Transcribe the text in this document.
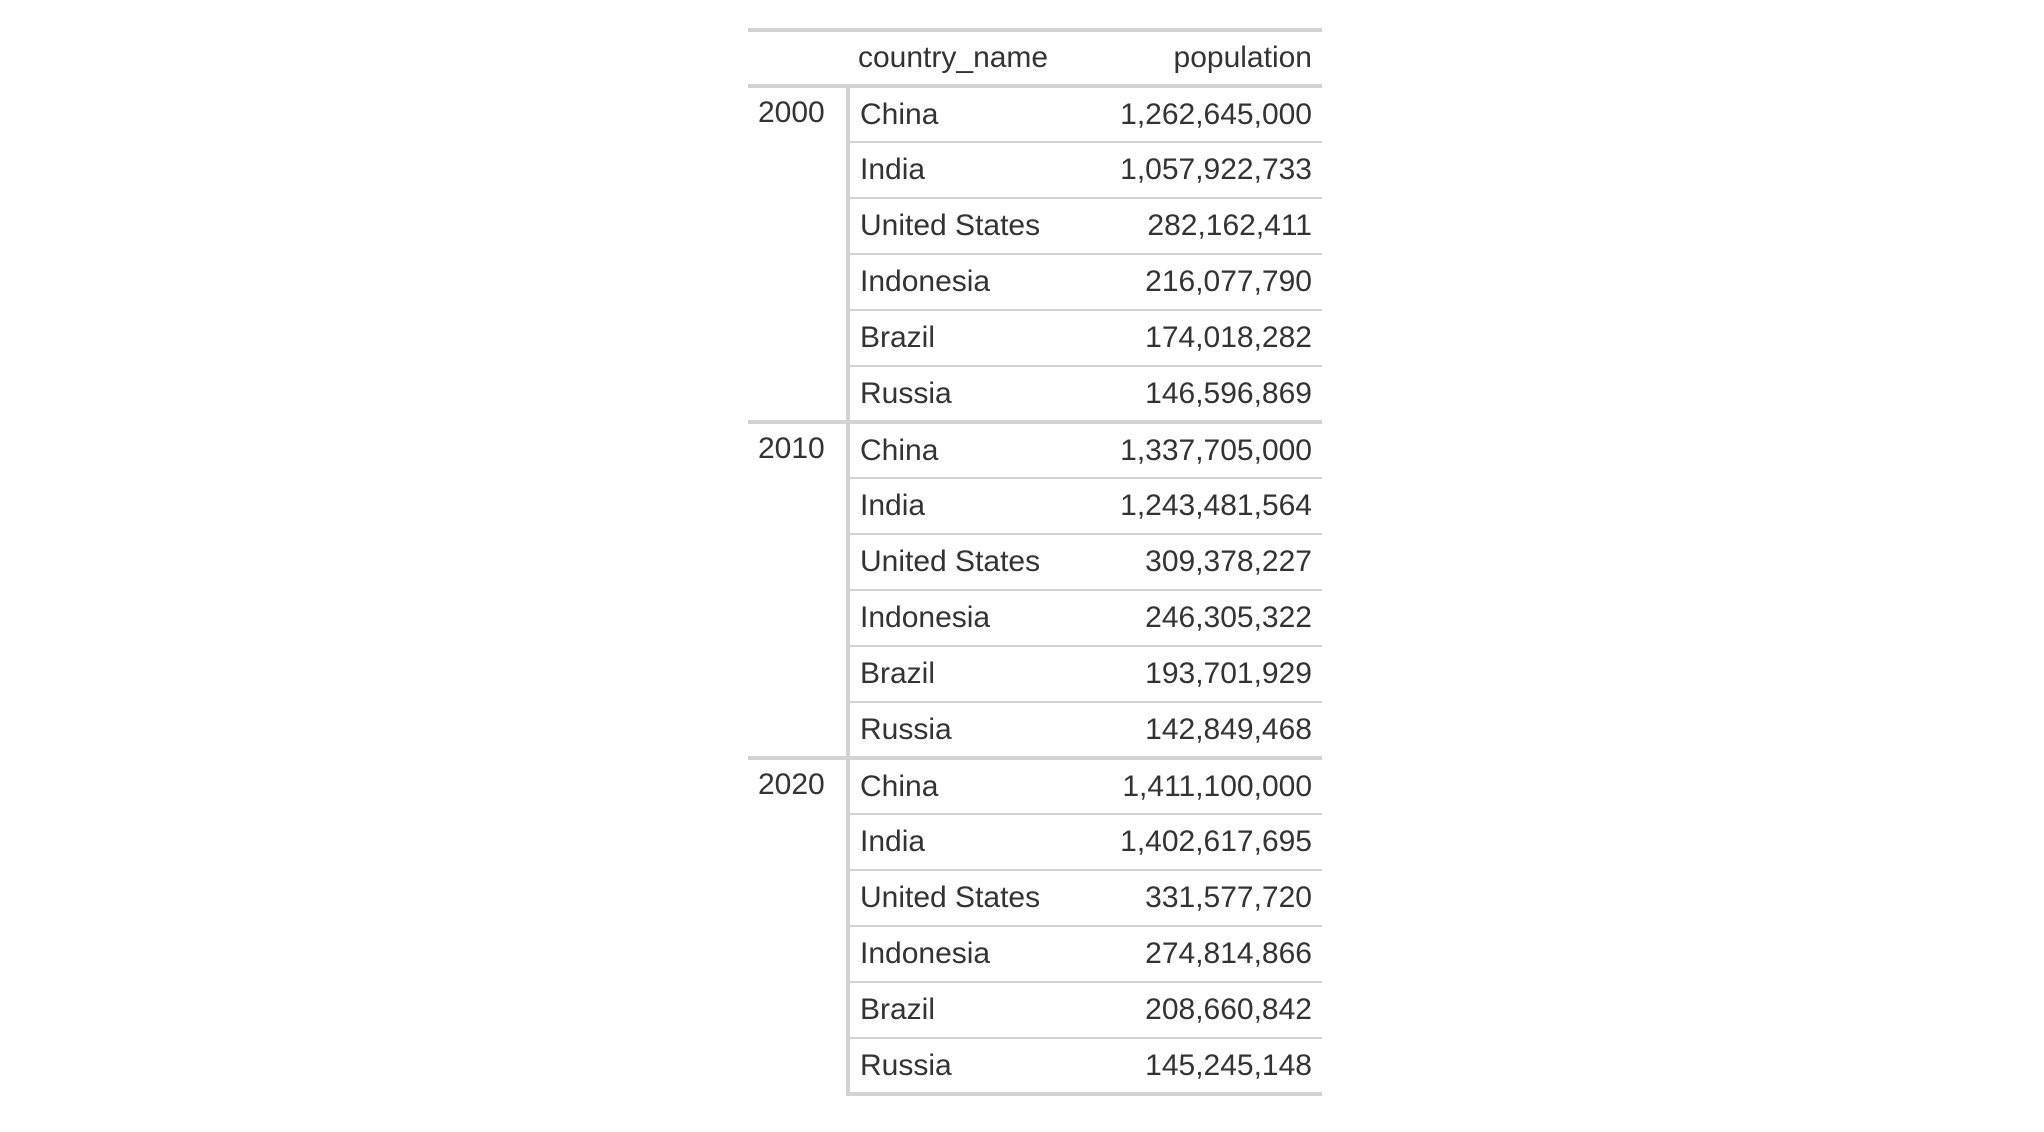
	country_name	population
2000	China	1,262,645,000
	India	1,057,922,733
	United States	282,162,411
	Indonesia	216,077,790
	Brazil	174,018,282
	Russia	146,596,869
2010	China	1,337,705,000
	India	1,243,481,564
	United States	309,378,227
	Indonesia	246,305,322
	Brazil	193,701,929
	Russia	142,849,468
2020	China	1,411,100,000
	India	1,402,617,695
	United States	331,577,720
	Indonesia	274,814,866
	Brazil	208,660,842
	Russia	145,245,148
